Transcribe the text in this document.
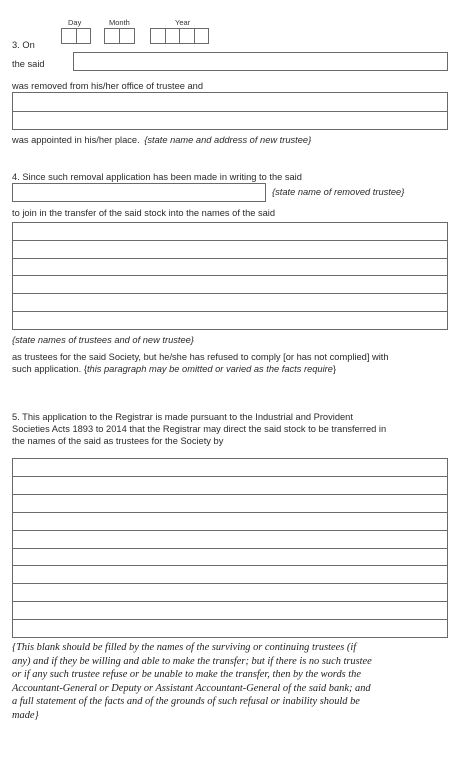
Day	Month	Year
3. On
the said
was removed from his/her office of trustee and
was appointed in his/her place. {state name and address of new trustee}
4. Since such removal application has been made in writing to the said
{state name of removed trustee}
to join in the transfer of the said stock into the names of the said
{state names of trustees and of new trustee}
as trustees for the said Society, but he/she has refused to comply [or has not complied] with
such application. {this paragraph may be omitted or varied as the facts require}
5. This application to the Registrar is made pursuant to the Industrial and Provident
Societies Acts 1893 to 2014 that the Registrar may direct the said stock to be transferred in
the names of the said as trustees for the Society by
{This blank should be filled by the names of the surviving or continuing trustees (if
any) and if they be willing and able to make the transfer; but if there is no such trustee
or if any such trustee refuse or be unable to make the transfer, then by the words the
Accountant-General or Deputy or Assistant Accountant-General of the said bank; and
a full statement of the facts and of the grounds of such refusal or inability should be
made}
